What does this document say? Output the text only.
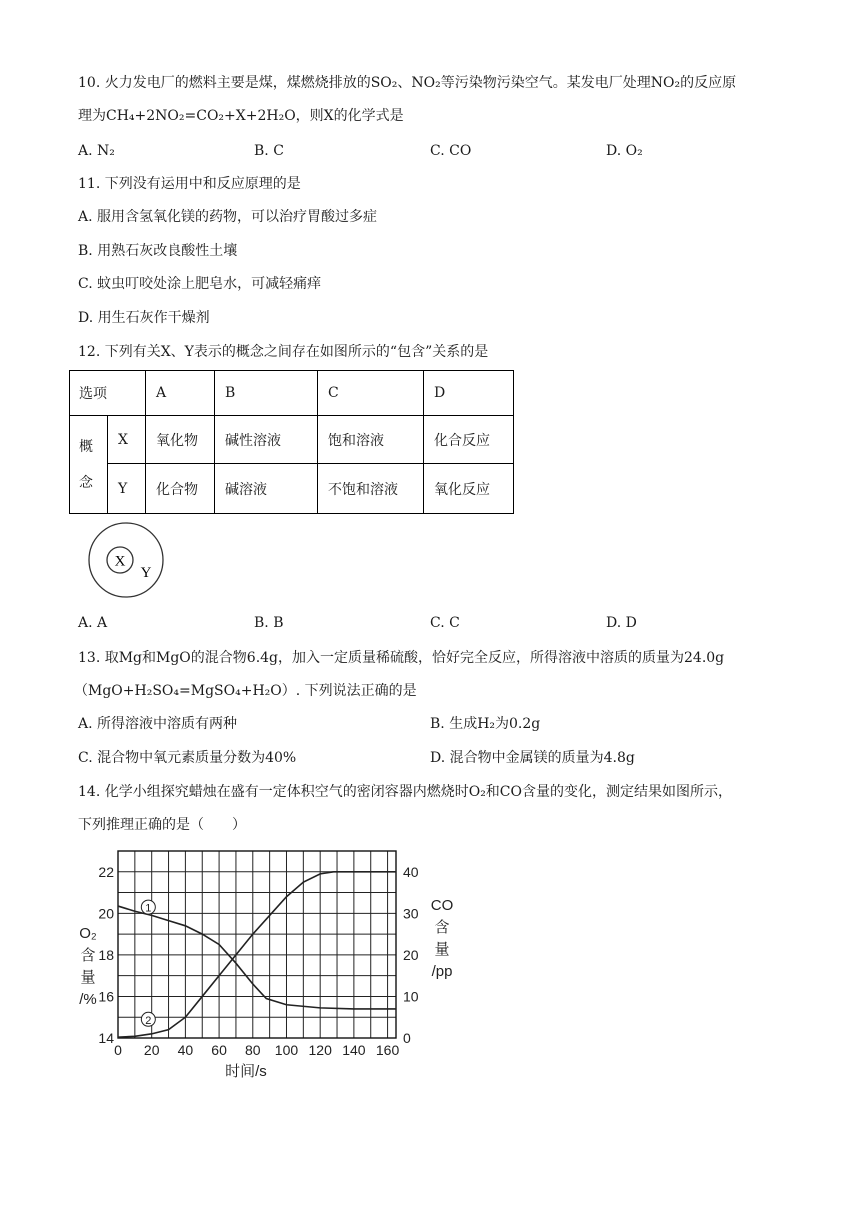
10. 火力发电厂的燃料主要是煤，煤燃烧排放的SO₂、NO₂等污染物污染空气。某发电厂处理NO₂的反应原
理为CH₄+2NO₂=CO₂+X+2H₂O，则X的化学式是
A. N₂	B. C	C. CO	D. O₂
11. 下列没有运用中和反应原理的是
A. 服用含氢氧化镁的药物，可以治疗胃酸过多症
B. 用熟石灰改良酸性土壤
C. 蚊虫叮咬处涂上肥皂水，可减轻痛痒
D. 用生石灰作干燥剂
12. 下列有关X、Y表示的概念之间存在如图所示的“包含”关系的是
选项	A	B	C	D
概
念
X	氧化物	碱性溶液	饱和溶液	化合反应
Y	化合物	碱溶液	不饱和溶液	氧化反应
X
Y
A. A	B. B	C. C	D. D
13. 取Mg和MgO的混合物6.4g，加入一定质量稀硫酸，恰好完全反应，所得溶液中溶质的质量为24.0g
（MgO+H₂SO₄=MgSO₄+H₂O）. 下列说法正确的是
A. 所得溶液中溶质有两种	B. 生成H₂为0.2g
C. 混合物中氧元素质量分数为40%	D. 混合物中金属镁的质量为4.8g
14. 化学小组探究蜡烛在盛有一定体积空气的密闭容器内燃烧时O₂和CO含量的变化，测定结果如图所示，
下列推理正确的是（　　）
1
2
0 20 40 60 80 100 120 140 160
14
16
18
20
22
0
10
20
30
40
时间/s
O₂
含
量
/%
CO
含
量
/pp
